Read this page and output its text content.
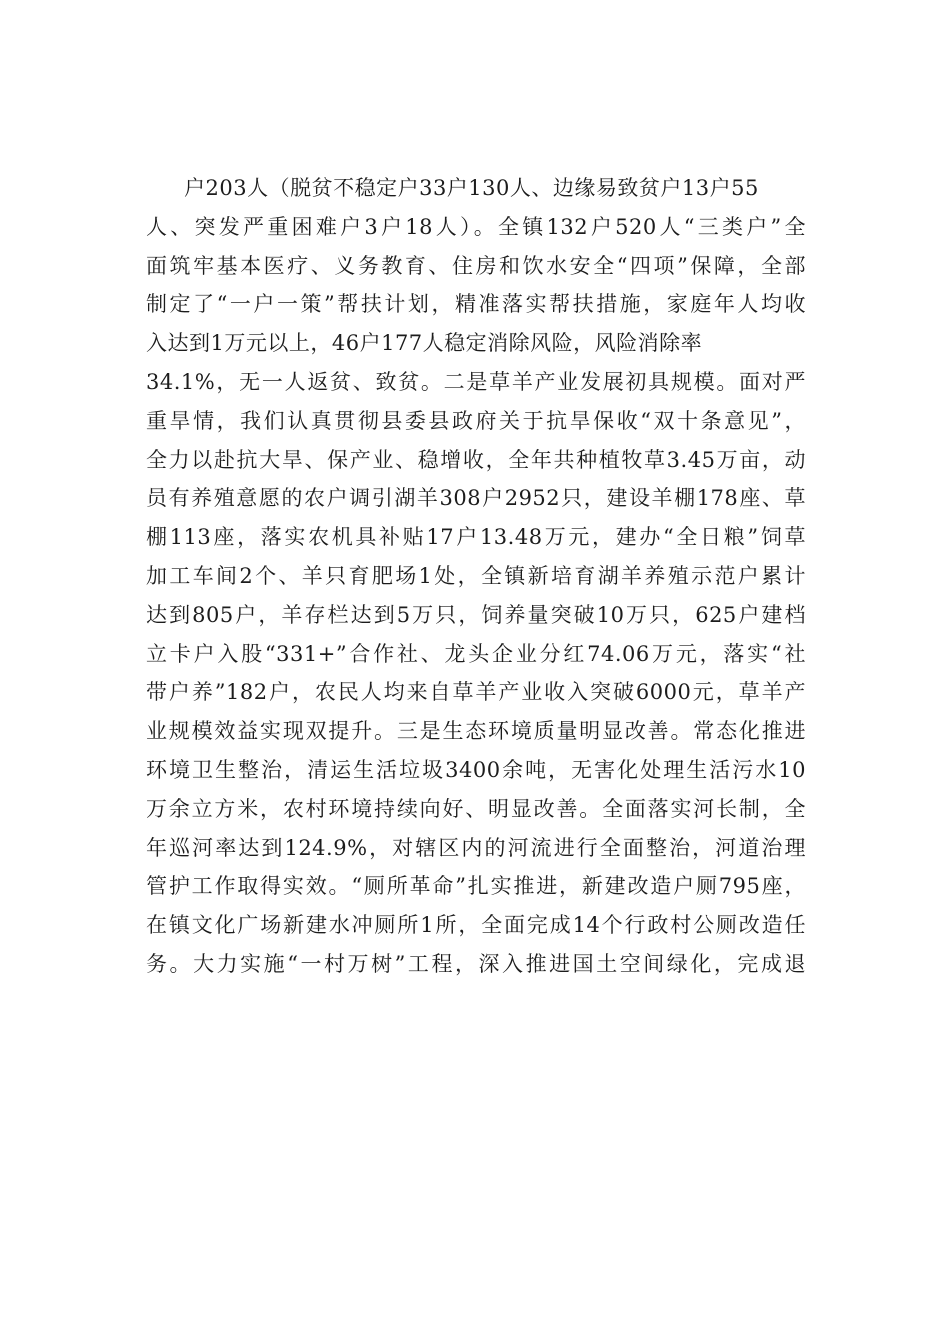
户203人（脱贫不稳定户33户130人、边缘易致贫户13户55
人、突发严重困难户3户18人）。全镇132户520人“三类户”全
面筑牢基本医疗、义务教育、住房和饮水安全“四项”保障，全部
制定了“一户一策”帮扶计划，精准落实帮扶措施，家庭年人均收
入达到1万元以上，46户177人稳定消除风险，风险消除率
34.1%，无一人返贫、致贫。二是草羊产业发展初具规模。面对严
重旱情，我们认真贯彻县委县政府关于抗旱保收“双十条意见”，
全力以赴抗大旱、保产业、稳增收，全年共种植牧草3.45万亩，动
员有养殖意愿的农户调引湖羊308户2952只，建设羊棚178座、草
棚113座，落实农机具补贴17户13.48万元，建办“全日粮”饲草
加工车间2个、羊只育肥场1处，全镇新培育湖羊养殖示范户累计
达到805户，羊存栏达到5万只，饲养量突破10万只，625户建档
立卡户入股“331+”合作社、龙头企业分红74.06万元，落实“社
带户养”182户，农民人均来自草羊产业收入突破6000元，草羊产
业规模效益实现双提升。三是生态环境质量明显改善。常态化推进
环境卫生整治，清运生活垃圾3400余吨，无害化处理生活污水10
万余立方米，农村环境持续向好、明显改善。全面落实河长制，全
年巡河率达到124.9%，对辖区内的河流进行全面整治，河道治理
管护工作取得实效。“厕所革命”扎实推进，新建改造户厕795座，
在镇文化广场新建水冲厕所1所，全面完成14个行政村公厕改造任
务。大力实施“一村万树”工程，深入推进国土空间绿化，完成退
